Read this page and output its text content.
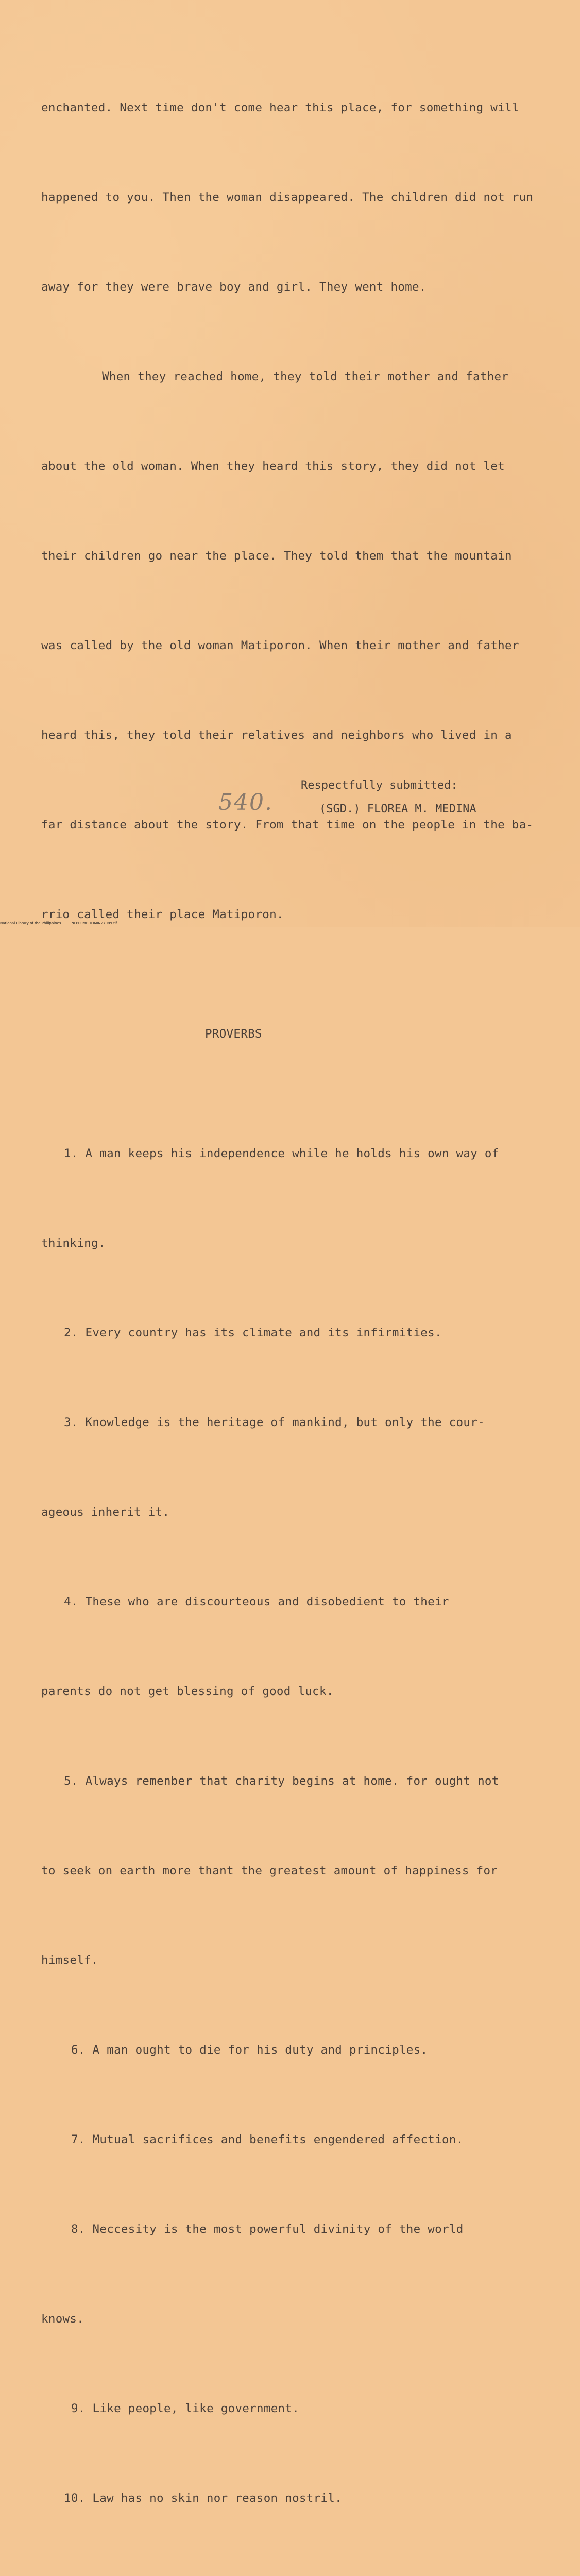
enchanted. Next time don't come hear this place, for something will

happened to you. Then the woman disappeared. The children did not run

away for they were brave boy and girl. They went home.

When they reached home, they told their mother and father

about the old woman. When they heard this story, they did not let

their children go near the place. They told them that the mountain

was called by the old woman Matiporon. When their mother and father

heard this, they told their relatives and neighbors who lived in a

far distance about the story. From that time on the people in the ba-

rrio called their place Matiporon.

PROVERBS

1. A man keeps his independence while he holds his own way of

thinking.

2. Every country has its climate and its infirmities.

3. Knowledge is the heritage of mankind, but only the cour-

ageous inherit it.

4. These who are discourteous and disobedient to their

parents do not get blessing of good luck.

5. Always remenber that charity begins at home. for ought not

to seek on earth more thant the greatest amount of happiness for

himself.

6. A man ought to die for his duty and principles.

7. Mutual sacrifices and benefits engendered affection.

8. Neccesity is the most powerful divinity of the world

knows.

9. Like people, like government.

10. Law has no skin nor reason nostril.

Respectfully submitted:
540.	(SGD.) FLOREA M. MEDINA
National Library of the Philippines	NLP00MBHDMIN27089.tif
